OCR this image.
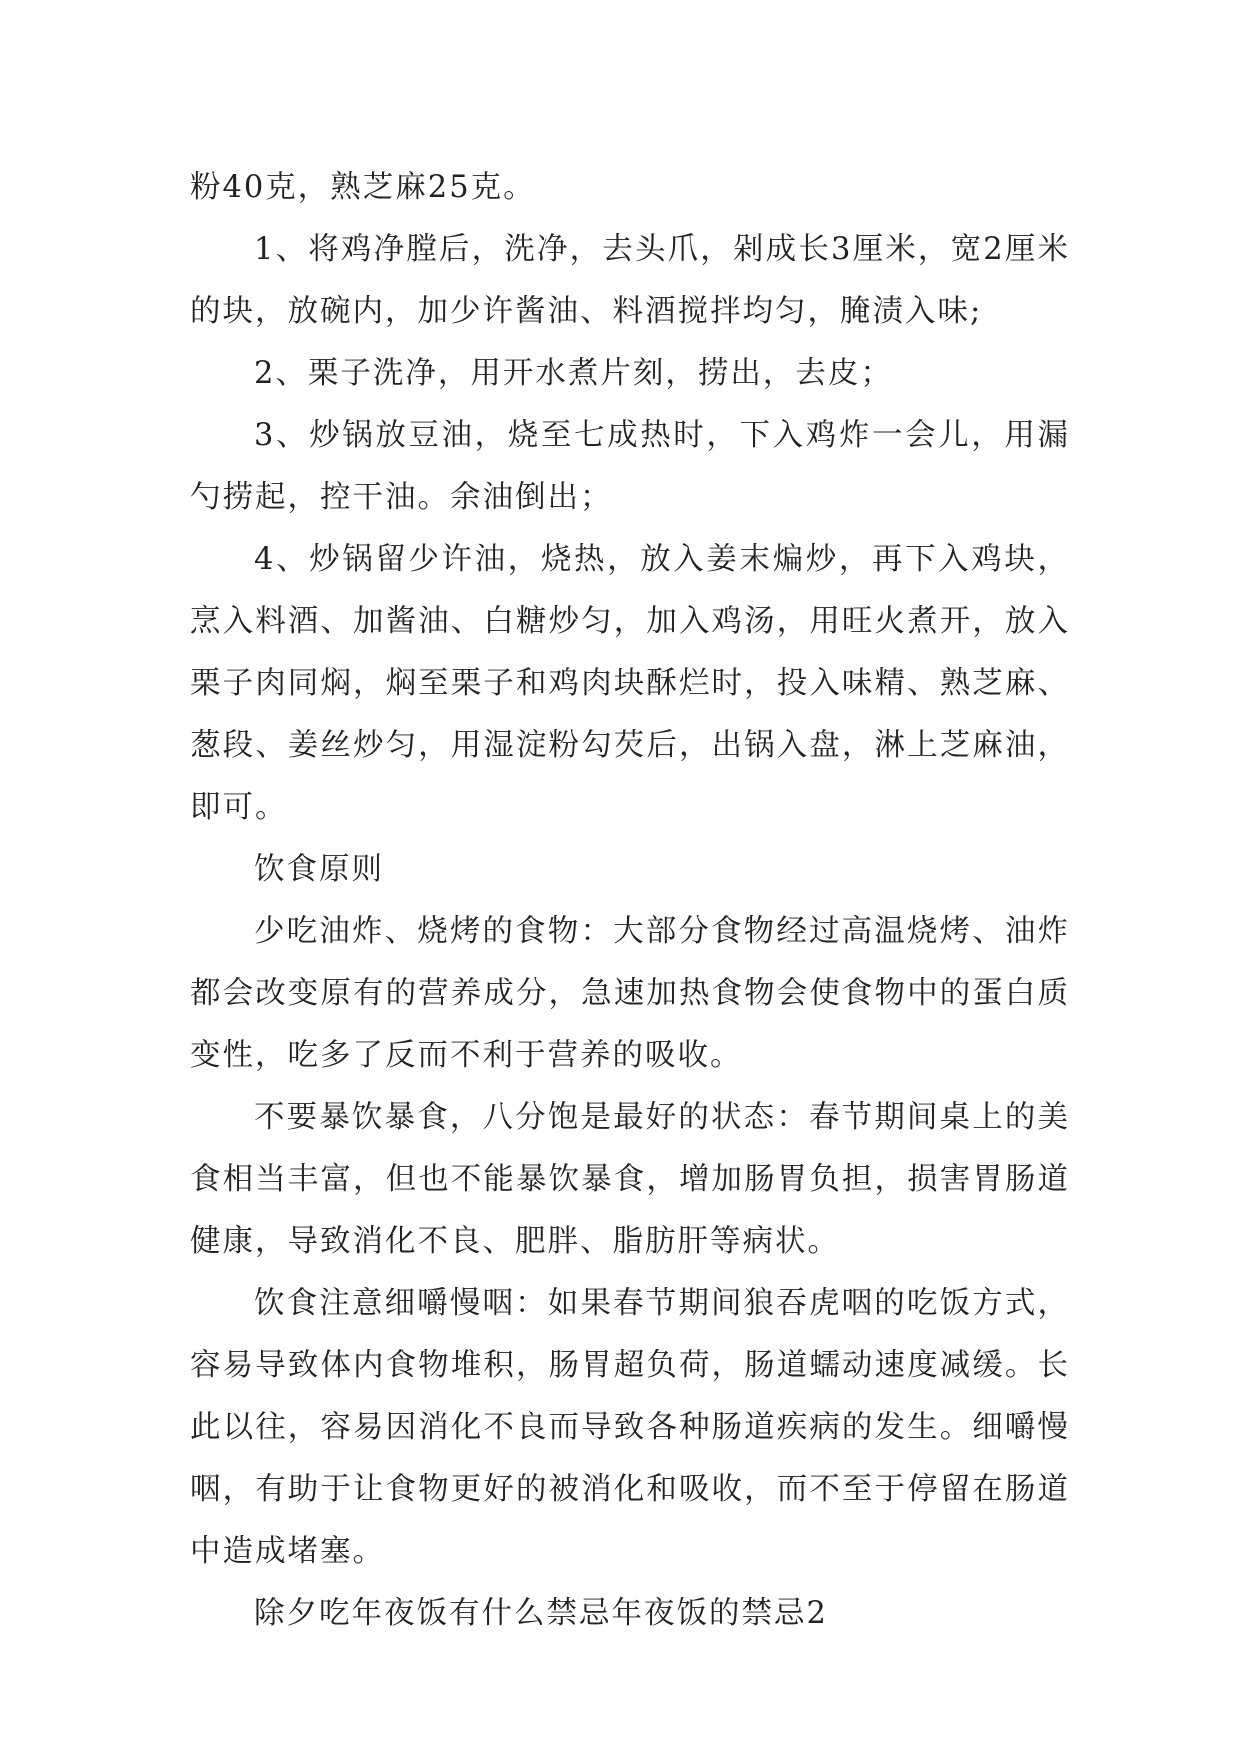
粉40克，熟芝麻25克。

1、将鸡净膛后，洗净，去头爪，剁成长3厘米，宽2厘米的块，放碗内，加少许酱油、料酒搅拌均匀，腌渍入味;

2、栗子洗净，用开水煮片刻，捞出，去皮；

3、炒锅放豆油，烧至七成热时，下入鸡炸一会儿，用漏勺捞起，控干油。余油倒出；

4、炒锅留少许油，烧热，放入姜末煸炒，再下入鸡块，烹入料酒、加酱油、白糖炒匀，加入鸡汤，用旺火煮开，放入栗子肉同焖，焖至栗子和鸡肉块酥烂时，投入味精、熟芝麻、葱段、姜丝炒匀，用湿淀粉勾芡后，出锅入盘，淋上芝麻油，即可。

饮食原则

少吃油炸、烧烤的食物：大部分食物经过高温烧烤、油炸都会改变原有的营养成分，急速加热食物会使食物中的蛋白质变性，吃多了反而不利于营养的吸收。

不要暴饮暴食，八分饱是最好的状态：春节期间桌上的美食相当丰富，但也不能暴饮暴食，增加肠胃负担，损害胃肠道健康，导致消化不良、肥胖、脂肪肝等病状。

饮食注意细嚼慢咽：如果春节期间狼吞虎咽的吃饭方式，容易导致体内食物堆积，肠胃超负荷，肠道蠕动速度减缓。长此以往，容易因消化不良而导致各种肠道疾病的发生。细嚼慢咽，有助于让食物更好的被消化和吸收，而不至于停留在肠道中造成堵塞。

除夕吃年夜饭有什么禁忌年夜饭的禁忌2
